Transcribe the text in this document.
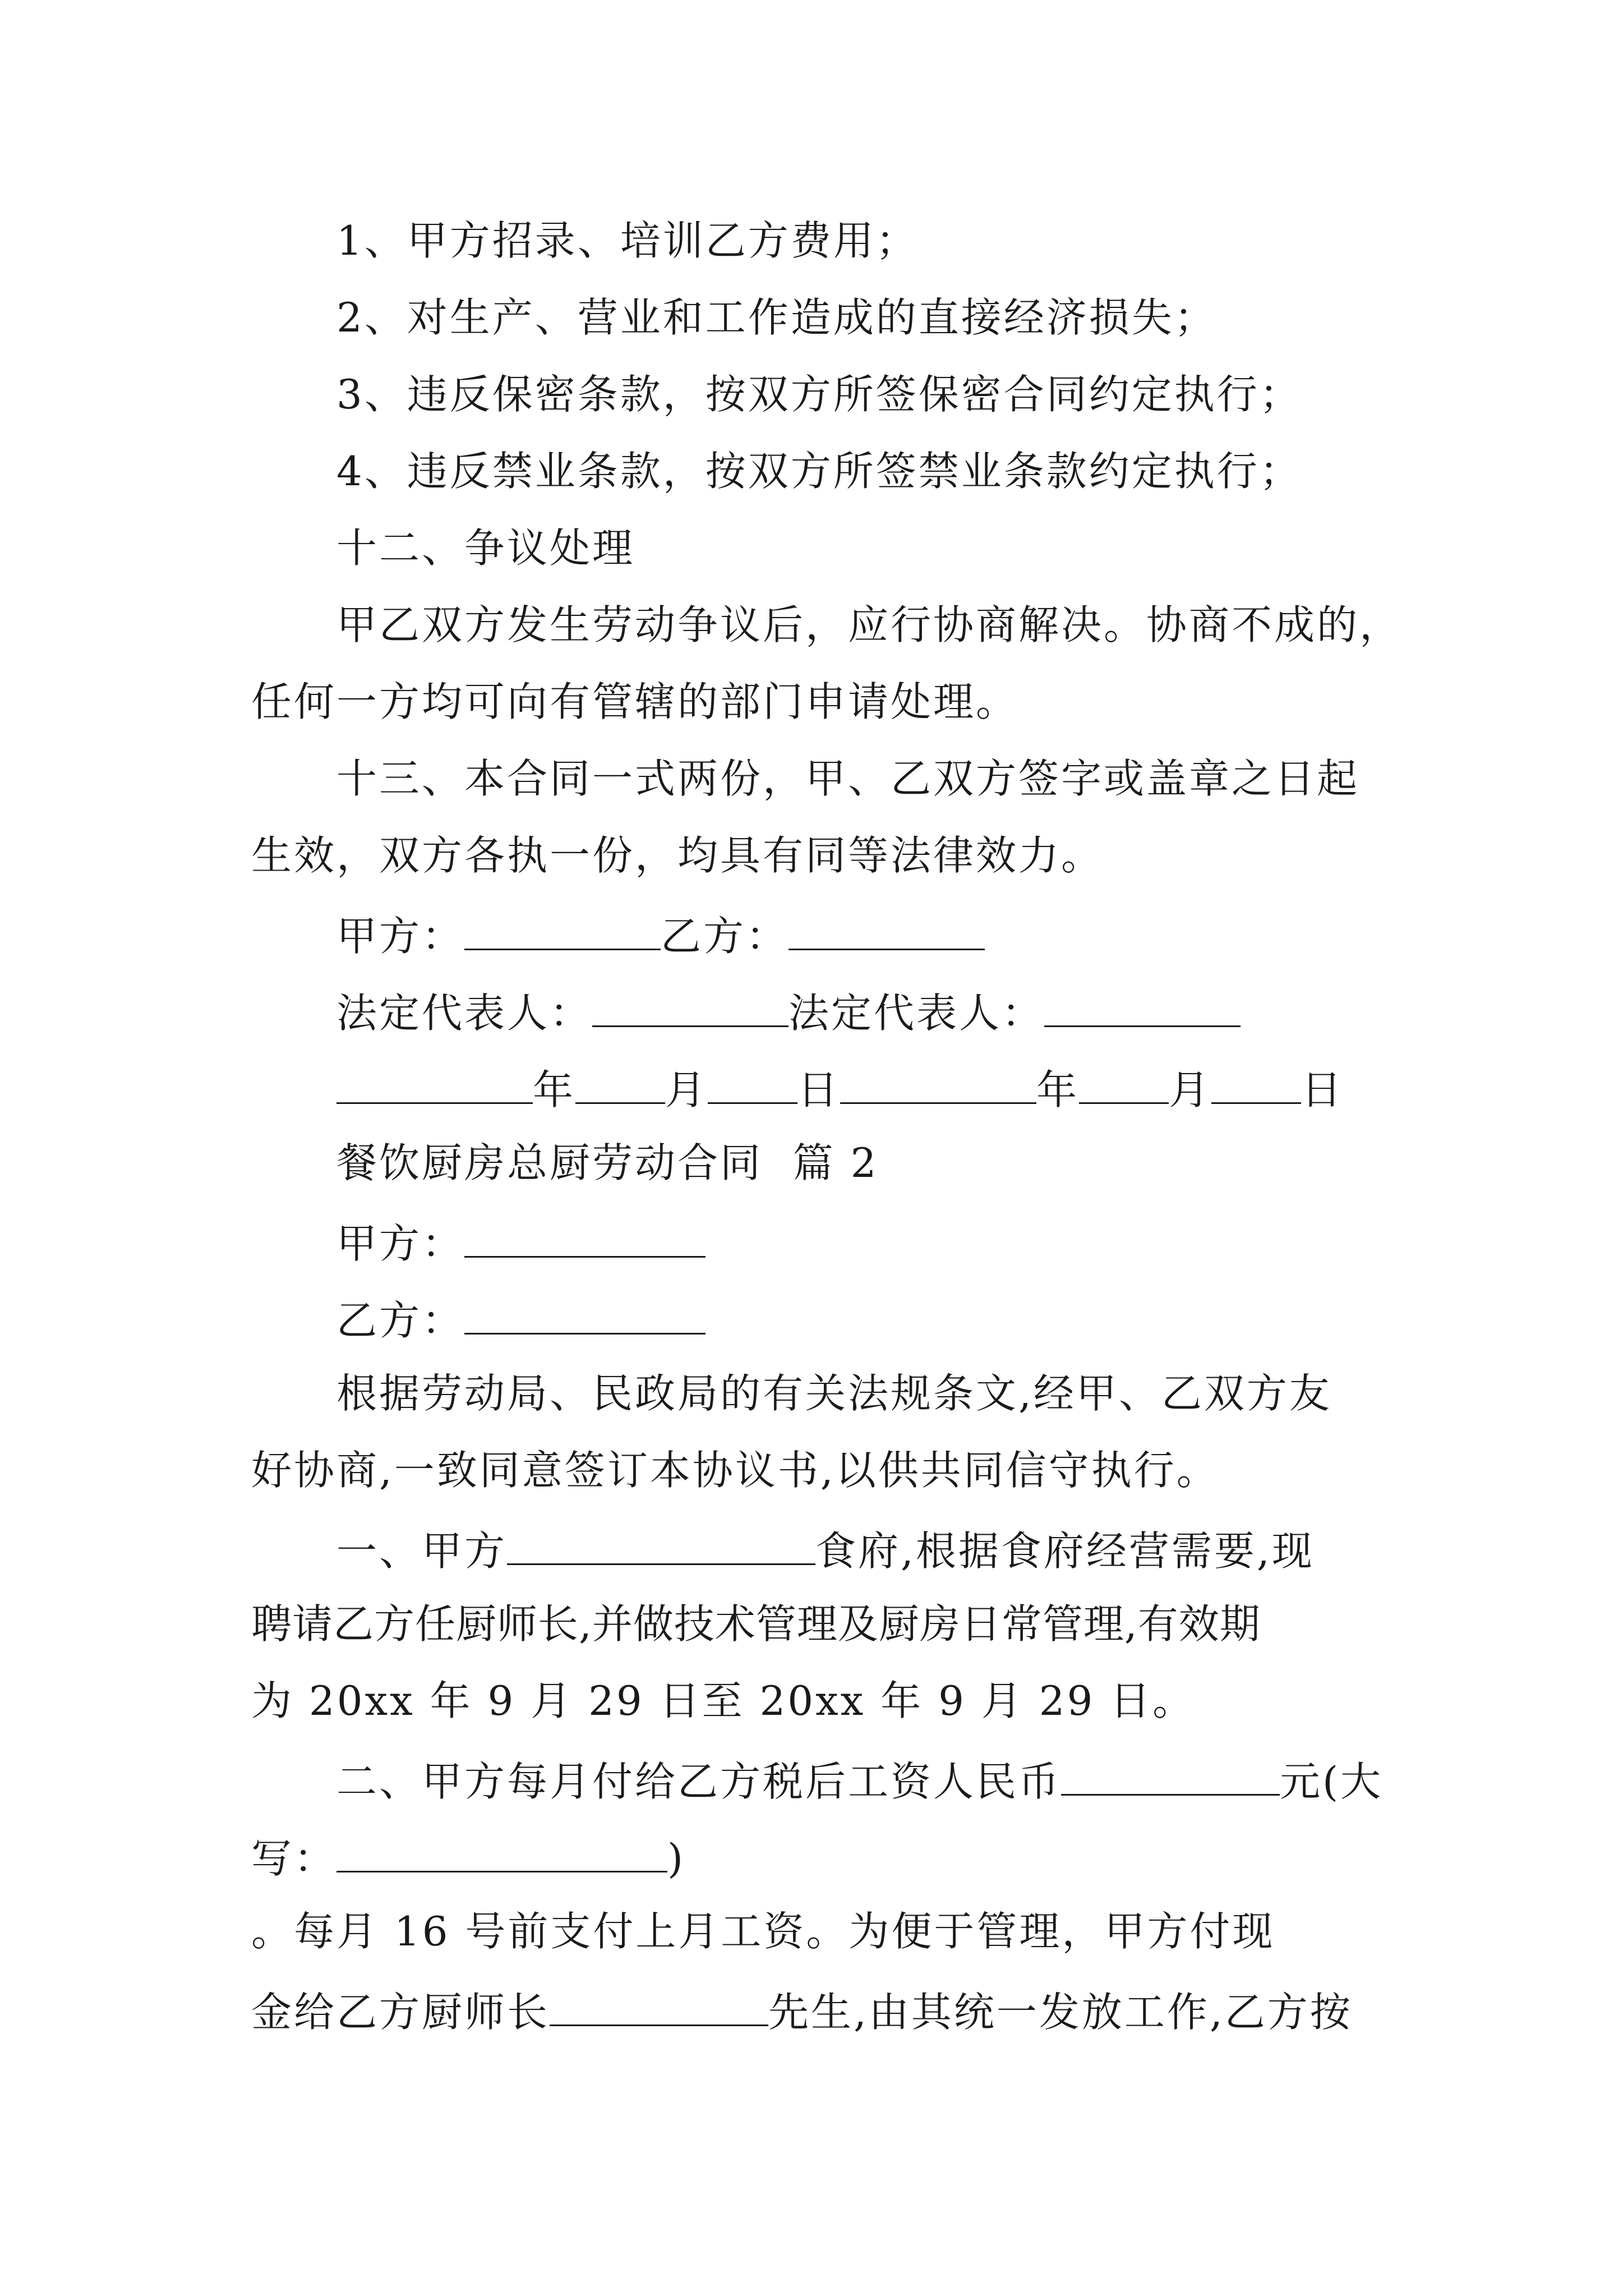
1、甲方招录、培训乙方费用；
2、对生产、营业和工作造成的直接经济损失；
3、违反保密条款，按双方所签保密合同约定执行；
4、违反禁业条款，按双方所签禁业条款约定执行；
十二、争议处理
甲乙双方发生劳动争议后，应行协商解决。协商不成的，
任何一方均可向有管辖的部门申请处理。
十三、本合同一式两份，甲、乙双方签字或盖章之日起
生效，双方各执一份，均具有同等法律效力。
甲方：	乙方：
法定代表人：	法定代表人：
年 月 日	年 月 日
餐饮厨房总厨劳动合同  篇 2
甲方：
乙方：
根据劳动局、民政局的有关法规条文,经甲、乙双方友
好协商,一致同意签订本协议书,以供共同信守执行。
一、甲方	食府,根据食府经营需要,现
聘请乙方任厨师长,并做技术管理及厨房日常管理,有效期
为 20xx 年 9 月 29 日至 20xx 年 9 月 29 日。
二、甲方每月付给乙方税后工资人民币	元(大
写：	)
。每月 16 号前支付上月工资。为便于管理，甲方付现
金给乙方厨师长	先生,由其统一发放工作,乙方按
